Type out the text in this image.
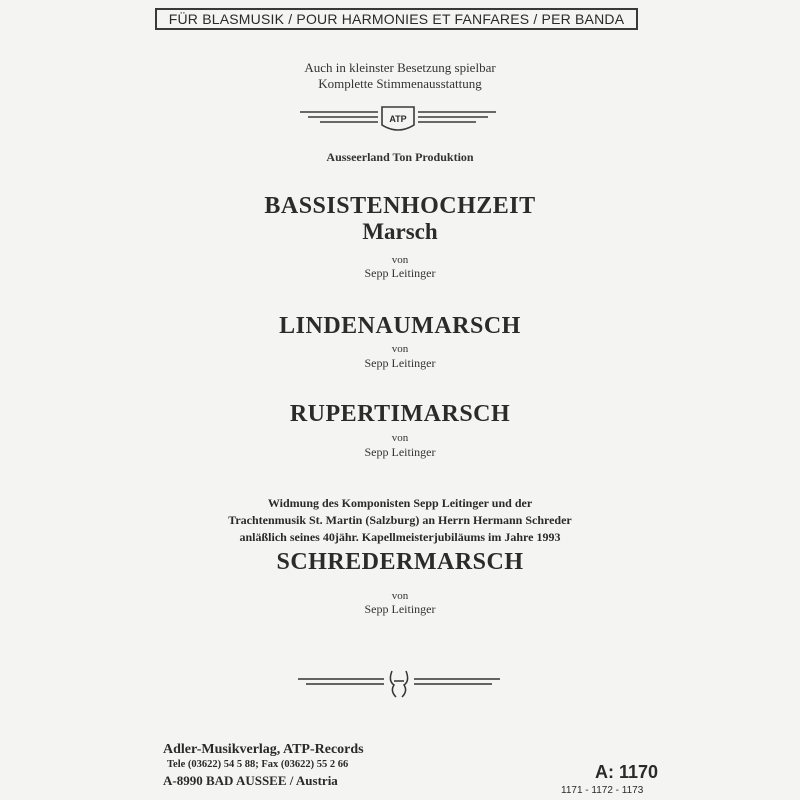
FÜR BLASMUSIK / POUR HARMONIES ET FANFARES / PER BANDA
Auch in kleinster Besetzung spielbar
Komplette Stimmenausstattung
ATP
Ausseerland Ton Produktion
BASSISTENHOCHZEIT
Marsch
von
Sepp Leitinger
LINDENAUMARSCH
von
Sepp Leitinger
RUPERTIMARSCH
von
Sepp Leitinger
Widmung des Komponisten Sepp Leitinger und der
Trachtenmusik St. Martin (Salzburg) an Herrn Hermann Schreder
anläßlich seines 40jähr. Kapellmeisterjubiläums im Jahre 1993
SCHREDERMARSCH
von
Sepp Leitinger
Adler-Musikverlag, ATP-Records
Tele (03622) 54 5 88; Fax (03622) 55 2 66
A-8990 BAD AUSSEE / Austria	A: 1170
1171 - 1172 - 1173
